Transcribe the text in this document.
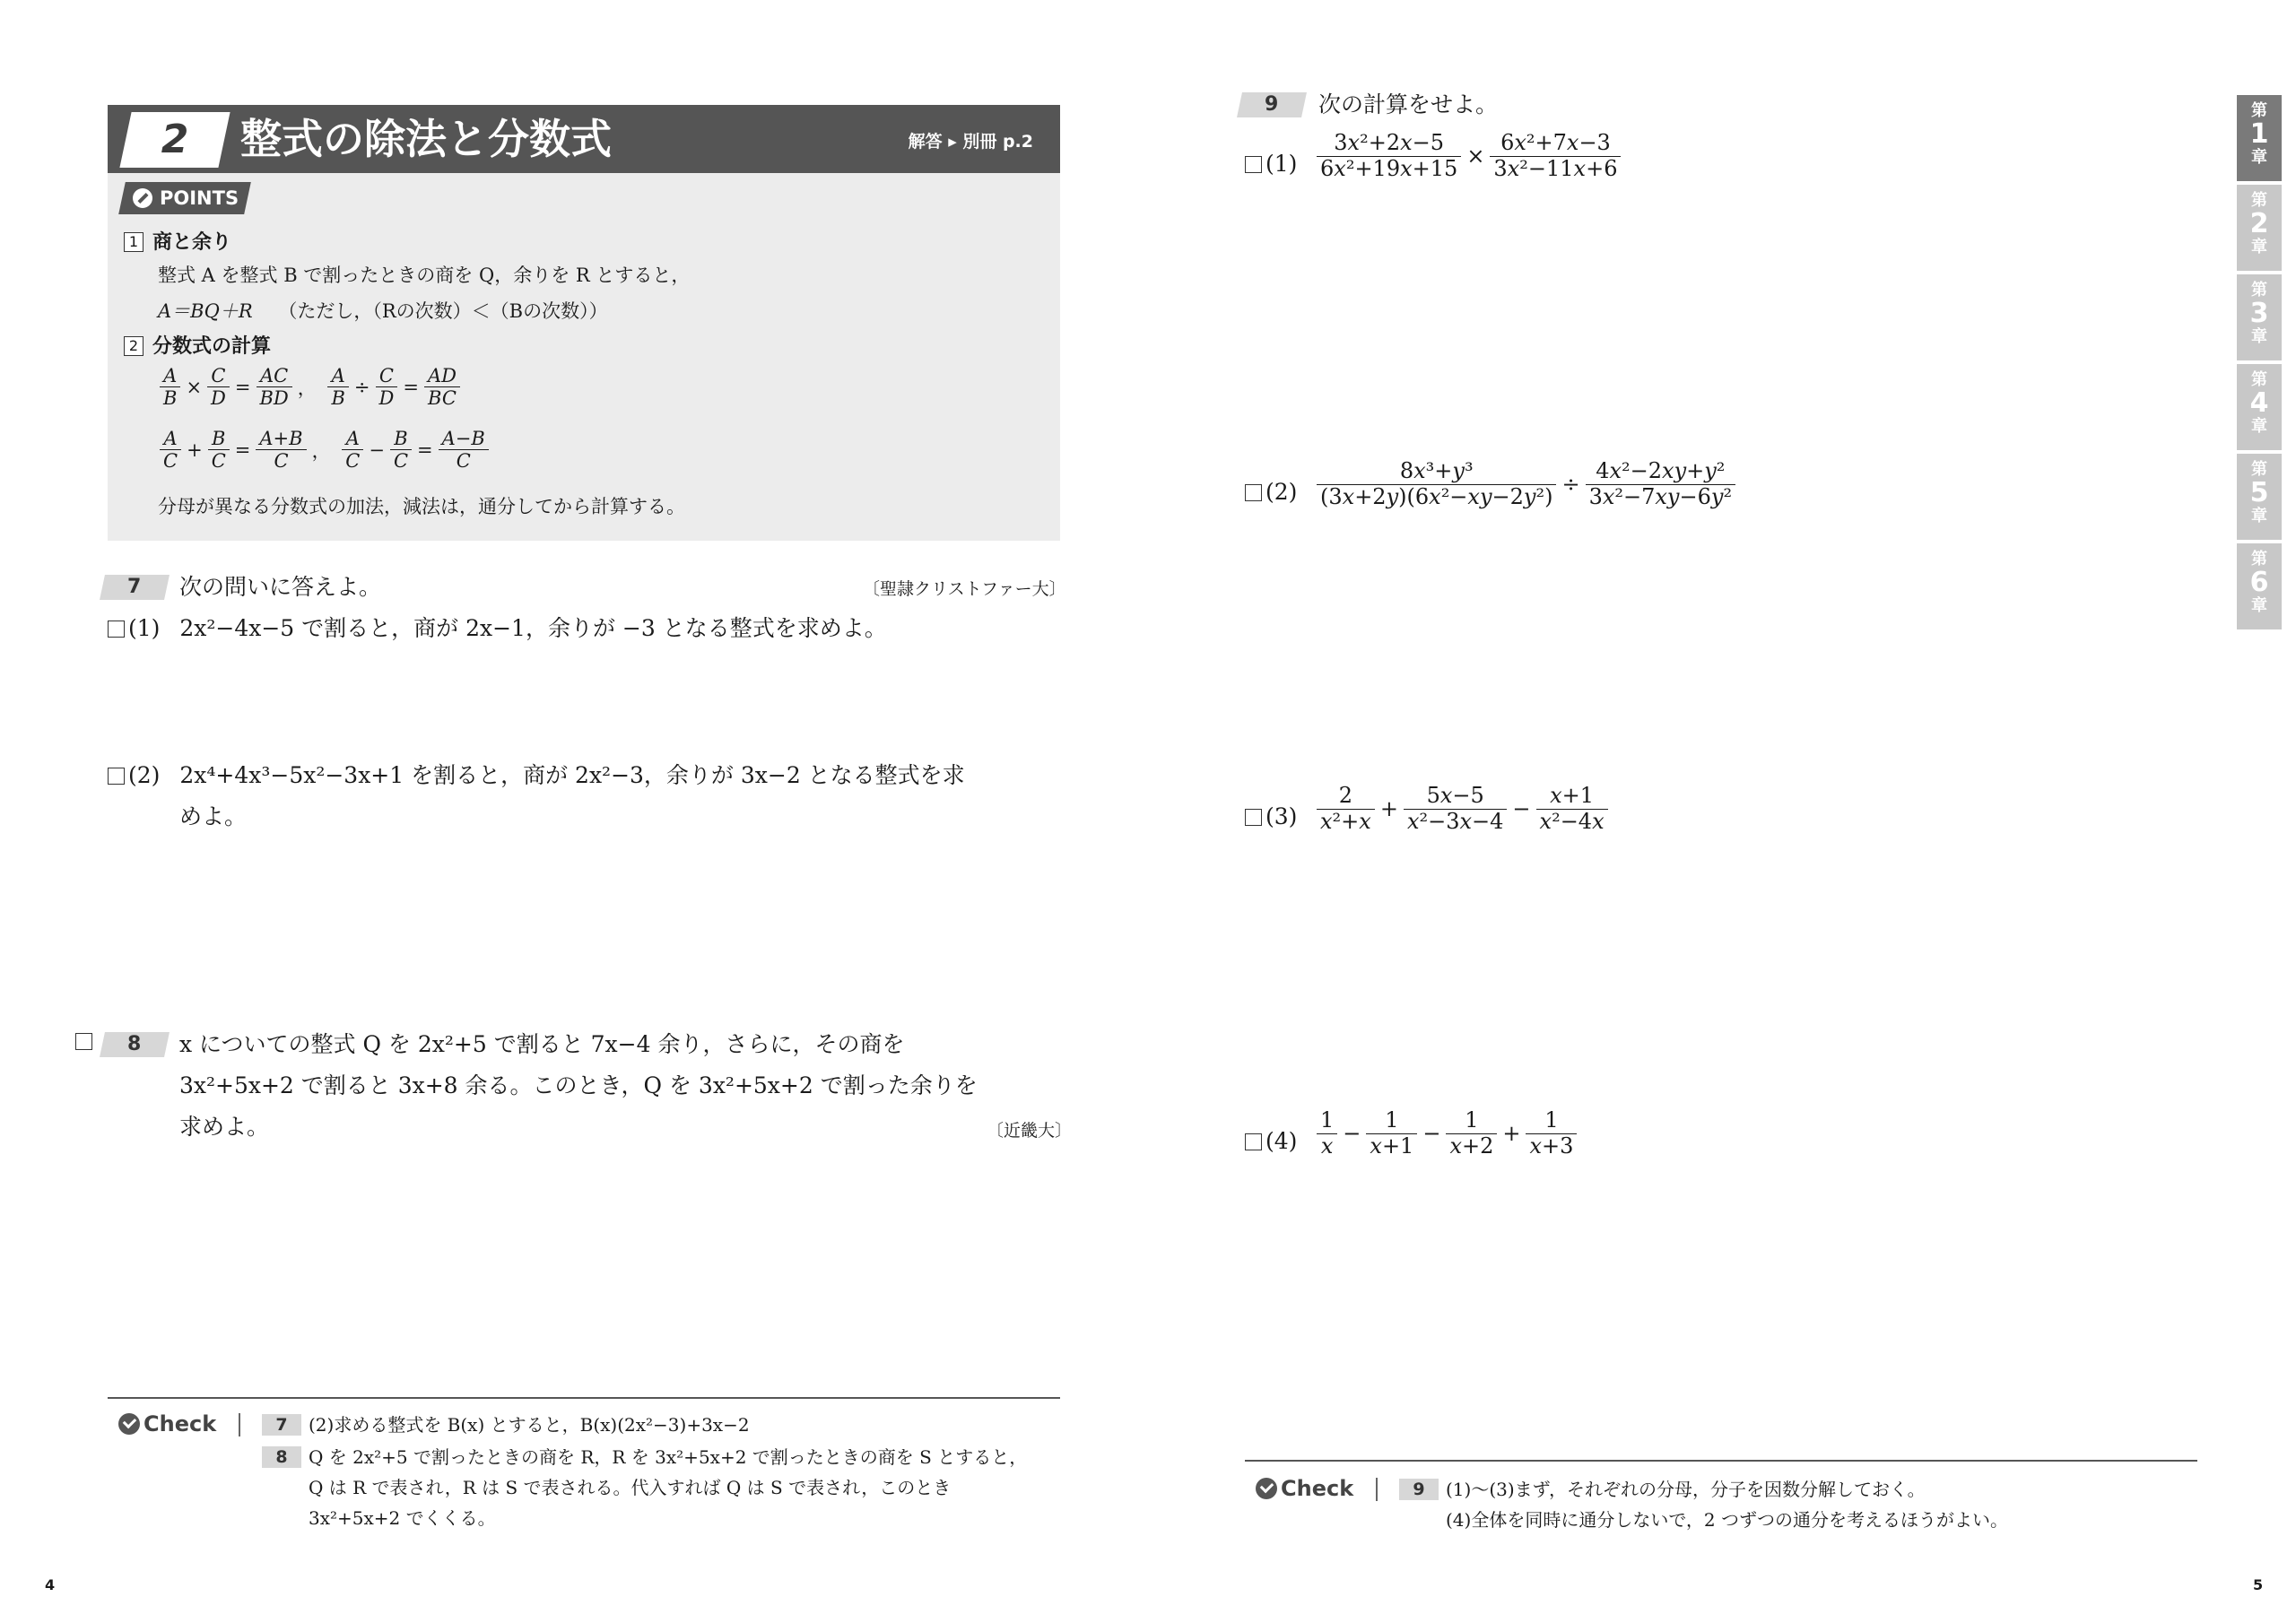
2	整式の除法と分数式	解答 ▸ 別冊 p.2
POINTS
1 商と余り
整式 A を整式 B で割ったときの商を Q，余りを R とすると，
A＝BQ＋R （ただし，（Rの次数）＜（Bの次数））
2 分数式の計算
$\frac{A}{B} \times \frac{C}{D} = \frac{AC}{BD}$ ， $\frac{A}{B} \div \frac{C}{D} = \frac{AD}{BC}$
$\frac{A}{C} + \frac{B}{C} = \frac{A+B}{C}$ ， $\frac{A}{C} - \frac{B}{C} = \frac{A-B}{C}$
分母が異なる分数式の加法，減法は，通分してから計算する。
7	次の問いに答えよ。	〔聖隷クリストファー大〕
(1) 2x²−4x−5 で割ると，商が 2x−1，余りが −3 となる整式を求めよ。
(2) 2x⁴+4x³−5x²−3x+1 を割ると，商が 2x²−3，余りが 3x−2 となる整式を求
めよ。
8	x についての整式 Q を 2x²+5 で割ると 7x−4 余り，さらに，その商を
3x²+5x+2 で割ると 3x+8 余る。このとき，Q を 3x²+5x+2 で割った余りを
求めよ。	〔近畿大〕
Check	7	(2)求める整式を B(x) とすると，B(x)(2x²−3)+3x−2
8	Q を 2x²+5 で割ったときの商を R，R を 3x²+5x+2 で割ったときの商を S とすると，
Q は R で表され，R は S で表される。代入すれば Q は S で表され，このとき
3x²+5x+2 でくくる。
4
9	次の計算をせよ。
$(1) \frac{\text{3x²+2x−5}}{\text{6x²+19x+15}} \times \frac{\text{6x²+7x−3}}{\text{3x²−11x+6}}$
$(2) \frac{\text{8x³+y³}}{\text{(3x+2y)(6x²−xy−2y²)}} \div \frac{\text{4x²−2xy+y²}}{\text{3x²−7xy−6y²}}$
$(3) \frac{2}{\text{x²+x}} + \frac{5x-5}{\text{x²−3x−4}} - \frac{x+1}{\text{x²−4x}}$
$(4) \frac{1}{x} - \frac{1}{x+1} - \frac{1}{x+2} + \frac{1}{x+3}$
Check	9	(1)〜(3)まず，それぞれの分母，分子を因数分解しておく。
(4)全体を同時に通分しないで，2 つずつの通分を考えるほうがよい。
5
第
1
章
第
2
章
第
3
章
第
4
章
第
5
章
第
6
章
